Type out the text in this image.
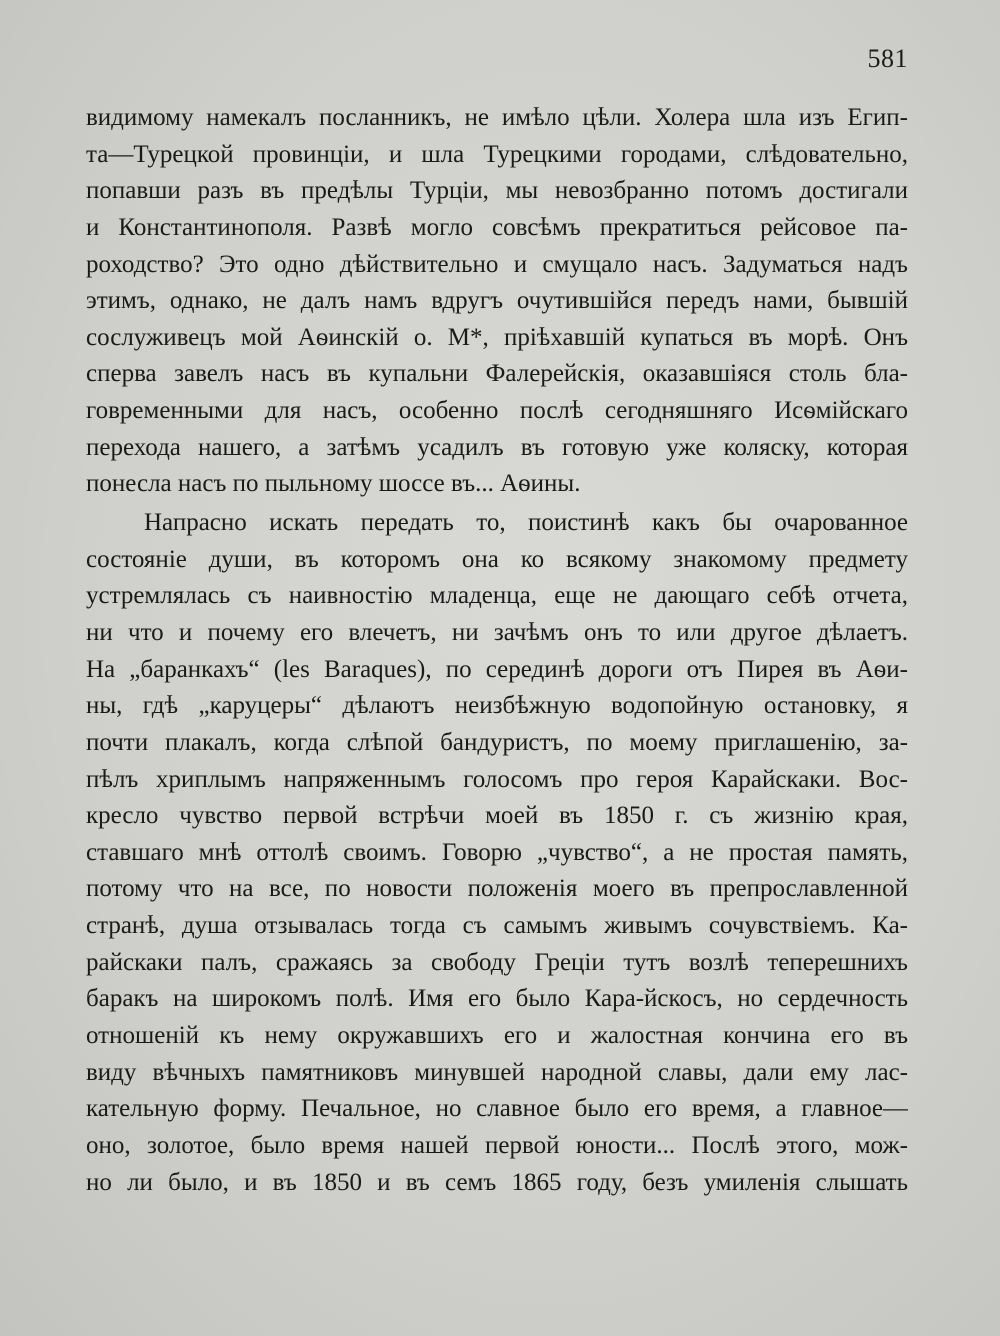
581
видимому намекалъ посланникъ, не имѣло цѣли. Холера шла изъ Егип-
та—Турецкой провинціи, и шла Турецкими городами, слѣдовательно,
попавши разъ въ предѣлы Турціи, мы невозбранно потомъ достигали
и Константинополя. Развѣ могло совсѣмъ прекратиться рейсовое па-
роходство? Это одно дѣйствительно и смущало насъ. Задуматься надъ
этимъ, однако, не далъ намъ вдругъ очутившійся передъ нами, бывшій
сослуживецъ мой Аѳинскій о. М*, пріѣхавшій купаться въ морѣ. Онъ
сперва завелъ насъ въ купальни Фалерейскія, оказавшіяся столь бла-
говременными для насъ, особенно послѣ сегодняшняго Исѳмійскаго
перехода нашего, а затѣмъ усадилъ въ готовую уже коляску, которая
понесла насъ по пыльному шоссе въ... Аѳины.
Напрасно искать передать то, поистинѣ какъ бы очарованное
состояніе души, въ которомъ она ко всякому знакомому предмету
устремлялась съ наивностію младенца, еще не дающаго себѣ отчета,
ни что и почему его влечетъ, ни зачѣмъ онъ то или другое дѣлаетъ.
На „баранкахъ“ (les Baraques), по серединѣ дороги отъ Пирея въ Аѳи-
ны, гдѣ „каруцеры“ дѣлаютъ неизбѣжную водопойную остановку, я
почти плакалъ, когда слѣпой бандуристъ, по моему приглашенію, за-
пѣлъ хриплымъ напряженнымъ голосомъ про героя Карайскаки. Вос-
кресло чувство первой встрѣчи моей въ 1850 г. съ жизнію края,
ставшаго мнѣ оттолѣ своимъ. Говорю „чувство“, а не простая память,
потому что на все, по новости положенія моего въ препрославленной
странѣ, душа отзывалась тогда съ самымъ живымъ сочувствіемъ. Ка-
райскаки палъ, сражаясь за свободу Греціи тутъ возлѣ теперешнихъ
баракъ на широкомъ полѣ. Имя его было Кара-йскосъ, но сердечность
отношеній къ нему окружавшихъ его и жалостная кончина его въ
виду вѣчныхъ памятниковъ минувшей народной славы, дали ему лас-
кательную форму. Печальное, но славное было его время, а главное—
оно, золотое, было время нашей первой юности... Послѣ этого, мож-
но ли было, и въ 1850 и въ семъ 1865 году, безъ умиленія слышать
